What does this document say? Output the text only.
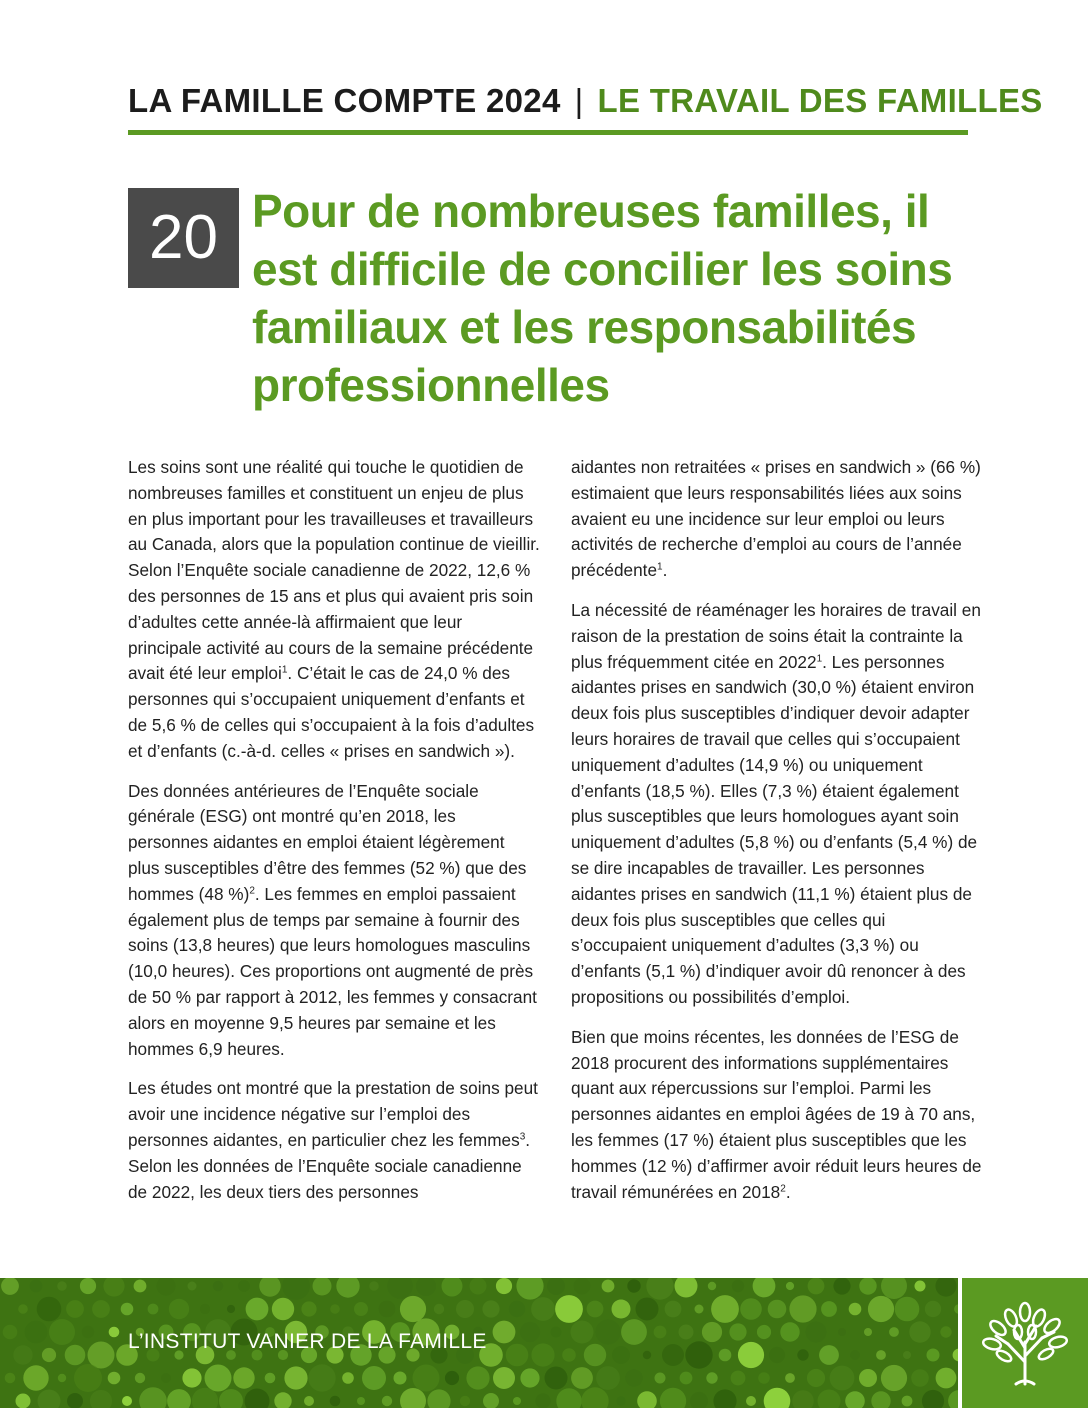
LA FAMILLE COMPTE 2024 | LE TRAVAIL DES FAMILLES
20 Pour de nombreuses familles, il est difficile de concilier les soins familiaux et les responsabilités professionnelles

Les soins sont une réalité qui touche le quotidien de nombreuses familles et constituent un enjeu de plus en plus important pour les travailleuses et travailleurs au Canada, alors que la population continue de vieillir. Selon l’Enquête sociale canadienne de 2022, 12,6 % des personnes de 15 ans et plus qui avaient pris soin d’adultes cette année-là affirmaient que leur principale activité au cours de la semaine précédente avait été leur emploi$^1$. C’était le cas de 24,0 % des personnes qui s’occupaient uniquement d’enfants et de 5,6 % de celles qui s’occupaient à la fois d’adultes et d’enfants (c.-à-d. celles « prises en sandwich »).

Des données antérieures de l’Enquête sociale générale (ESG) ont montré qu’en 2018, les personnes aidantes en emploi étaient légèrement plus susceptibles d’être des femmes (52 %) que des hommes (48 %)$^2$. Les femmes en emploi passaient également plus de temps par semaine à fournir des soins (13,8 heures) que leurs homologues masculins (10,0 heures). Ces proportions ont augmenté de près de 50 % par rapport à 2012, les femmes y consacrant alors en moyenne 9,5 heures par semaine et les hommes 6,9 heures.

Les études ont montré que la prestation de soins peut avoir une incidence négative sur l’emploi des personnes aidantes, en particulier chez les femmes$^3$. Selon les données de l’Enquête sociale canadienne de 2022, les deux tiers des personnes

aidantes non retraitées « prises en sandwich » (66 %) estimaient que leurs responsabilités liées aux soins avaient eu une incidence sur leur emploi ou leurs activités de recherche d’emploi au cours de l’année précédente$^1$.

La nécessité de réaménager les horaires de travail en raison de la prestation de soins était la contrainte la plus fréquemment citée en 2022$^1$. Les personnes aidantes prises en sandwich (30,0 %) étaient environ deux fois plus susceptibles d’indiquer devoir adapter leurs horaires de travail que celles qui s’occupaient uniquement d’adultes (14,9 %) ou uniquement d’enfants (18,5 %). Elles (7,3 %) étaient également plus susceptibles que leurs homologues ayant soin uniquement d’adultes (5,8 %) ou d’enfants (5,4 %) de se dire incapables de travailler. Les personnes aidantes prises en sandwich (11,1 %) étaient plus de deux fois plus susceptibles que celles qui s’occupaient uniquement d’adultes (3,3 %) ou d’enfants (5,1 %) d’indiquer avoir dû renoncer à des propositions ou possibilités d’emploi.

Bien que moins récentes, les données de l’ESG de 2018 procurent des informations supplémentaires quant aux répercussions sur l’emploi. Parmi les personnes aidantes en emploi âgées de 19 à 70 ans, les femmes (17 %) étaient plus susceptibles que les hommes (12 %) d’affirmer avoir réduit leurs heures de travail rémunérées en 2018$^2$.

L’INSTITUT VANIER DE LA FAMILLE
